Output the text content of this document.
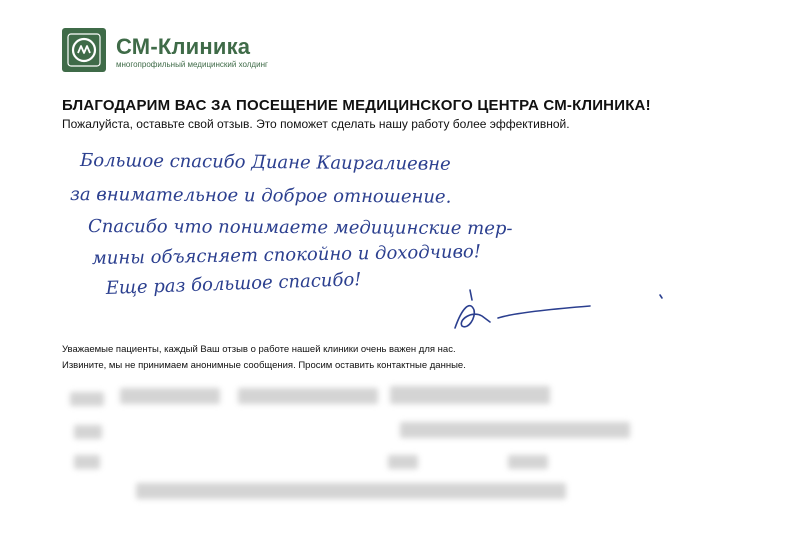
СМ-Клиника
многопрофильный медицинский холдинг
БЛАГОДАРИМ ВАС ЗА ПОСЕЩЕНИЕ МЕДИЦИНСКОГО ЦЕНТРА СМ-КЛИНИКА!
Пожалуйста, оставьте свой отзыв. Это поможет сделать нашу работу более эффективной.
Большое спасибо Диане Каиргалиевне
за внимательное и доброе отношение.
Спасибо что понимаете медицинские тер-
мины объясняет спокойно и доходчиво!
Еще раз большое спасибо!
Уважаемые пациенты, каждый Ваш отзыв о работе нашей клиники очень важен для нас.
Извините, мы не принимаем анонимные сообщения. Просим оставить контактные данные.
